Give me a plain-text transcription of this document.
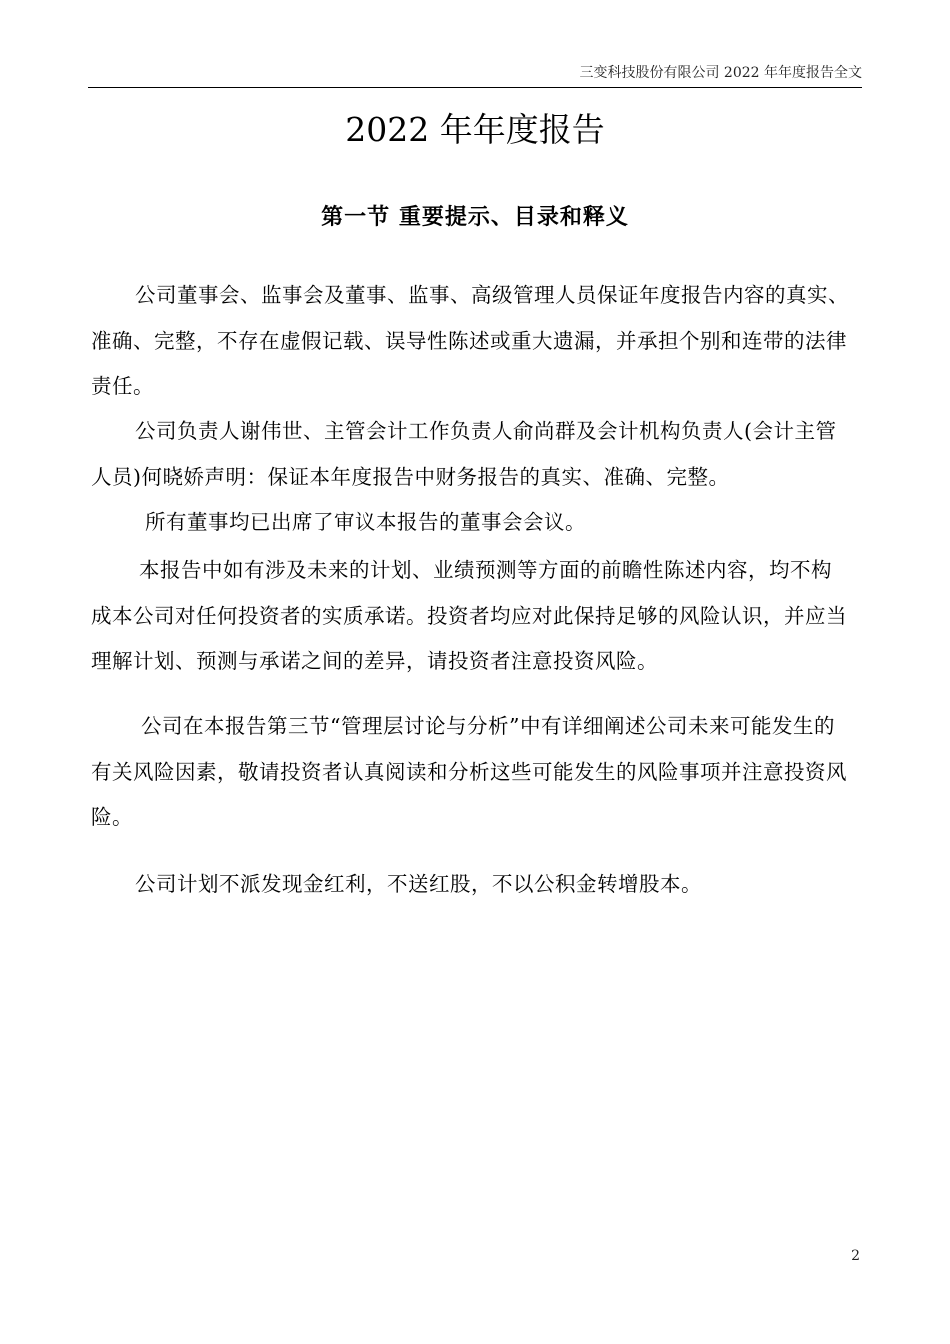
三变科技股份有限公司 2022 年年度报告全文
2022 年年度报告
第一节 重要提示、目录和释义

公司董事会、监事会及董事、监事、高级管理人员保证年度报告内容的真实、准确、完整，不存在虚假记载、误导性陈述或重大遗漏，并承担个别和连带的法律责任。

公司负责人谢伟世、主管会计工作负责人俞尚群及会计机构负责人(会计主管人员)何晓娇声明：保证本年度报告中财务报告的真实、准确、完整。

所有董事均已出席了审议本报告的董事会会议。

本报告中如有涉及未来的计划、业绩预测等方面的前瞻性陈述内容，均不构成本公司对任何投资者的实质承诺。投资者均应对此保持足够的风险认识，并应当理解计划、预测与承诺之间的差异，请投资者注意投资风险。

公司在本报告第三节“管理层讨论与分析”中有详细阐述公司未来可能发生的有关风险因素，敬请投资者认真阅读和分析这些可能发生的风险事项并注意投资风险。

公司计划不派发现金红利，不送红股，不以公积金转增股本。

2
